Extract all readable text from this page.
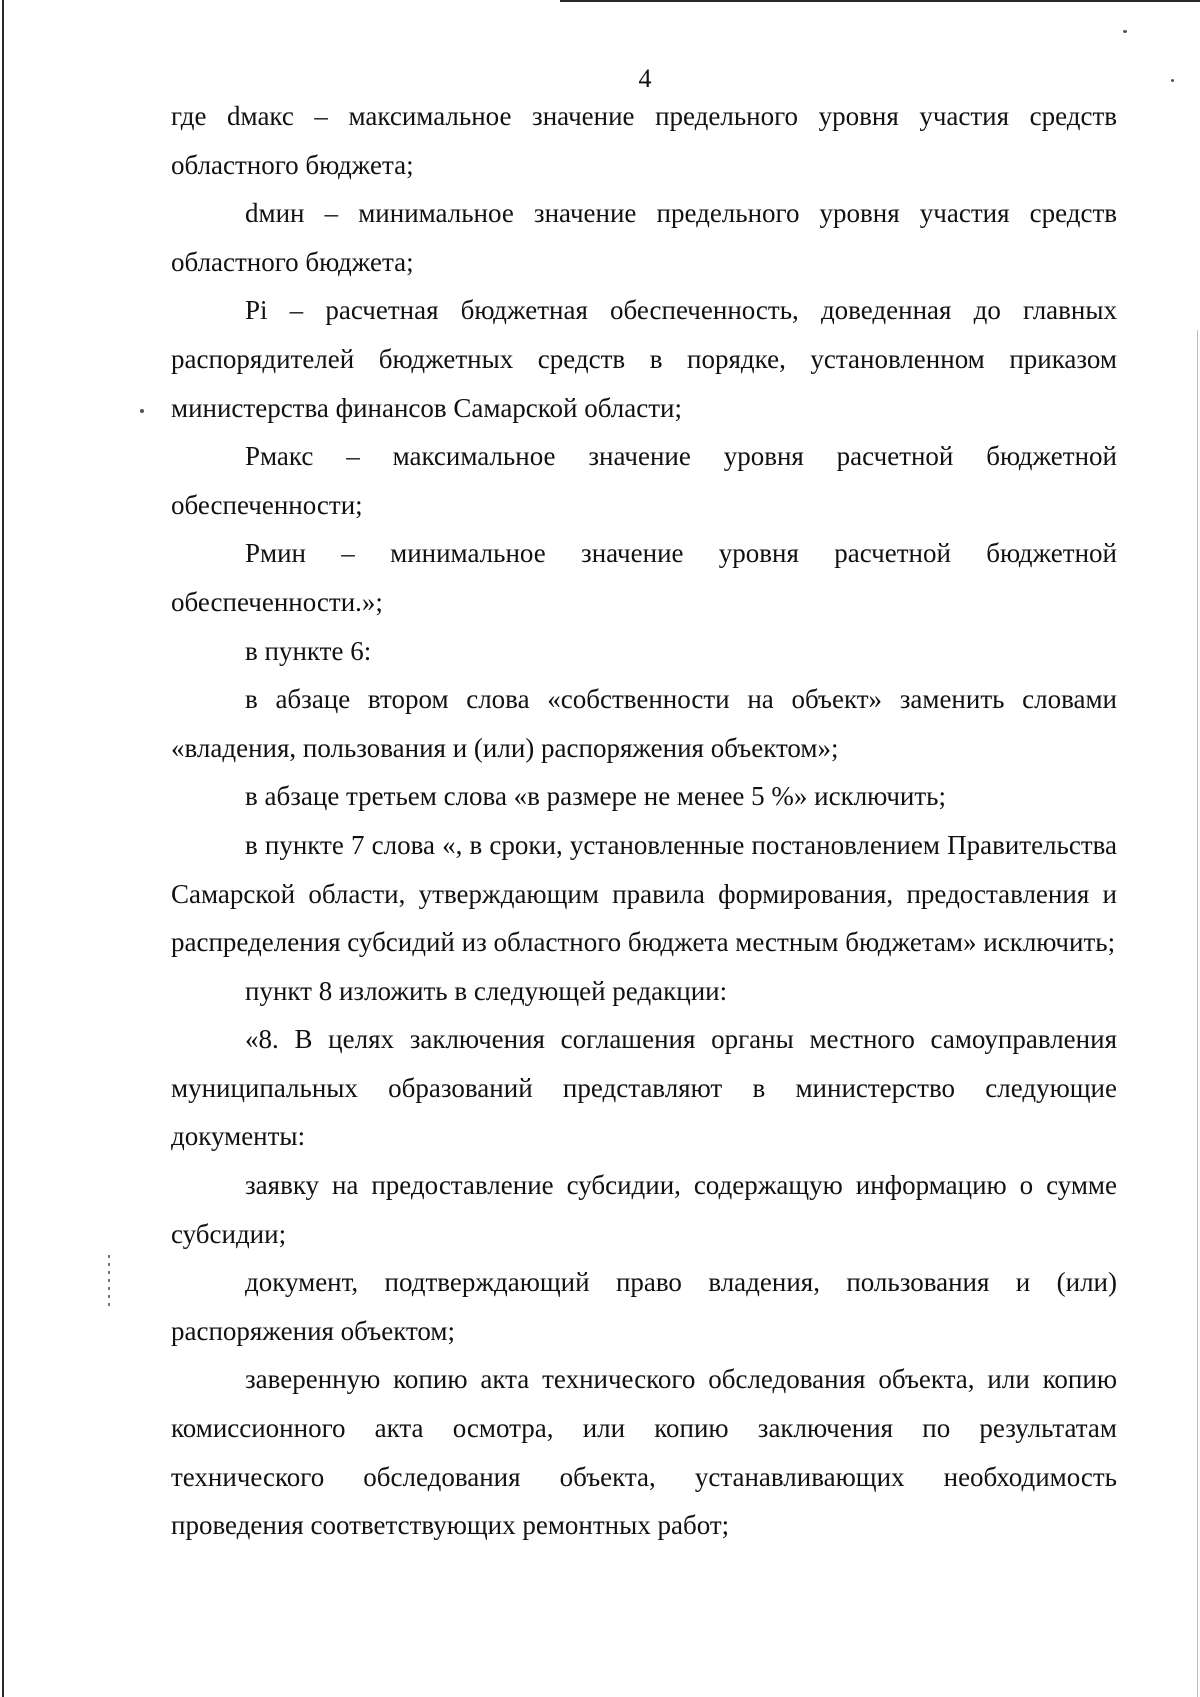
4

где dмакс – максимальное значение предельного уровня участия средств областного бюджета;

dмин – минимальное значение предельного уровня участия средств областного бюджета;

Pi – расчетная бюджетная обеспеченность, доведенная до главных распорядителей бюджетных средств в порядке, установленном приказом министерства финансов Самарской области;

Рмакс – максимальное значение уровня расчетной бюджетной обеспеченности;

Рмин – минимальное значение уровня расчетной бюджетной обеспеченности.»;

в пункте 6:

в абзаце втором слова «собственности на объект» заменить словами «владения, пользования и (или) распоряжения объектом»;

в абзаце третьем слова «в размере не менее 5 %» исключить;

в пункте 7 слова «, в сроки, установленные постановлением Правительства Самарской области, утверждающим правила формирования, предоставления и распределения субсидий из областного бюджета местным бюджетам» исключить;

пункт 8 изложить в следующей редакции:

«8. В целях заключения соглашения органы местного самоуправления муниципальных образований представляют в министерство следующие документы:

заявку на предоставление субсидии, содержащую информацию о сумме субсидии;

документ, подтверждающий право владения, пользования и (или) распоряжения объектом;

заверенную копию акта технического обследования объекта, или копию комиссионного акта осмотра, или копию заключения по результатам технического обследования объекта, устанавливающих необходимость проведения соответствующих ремонтных работ;
